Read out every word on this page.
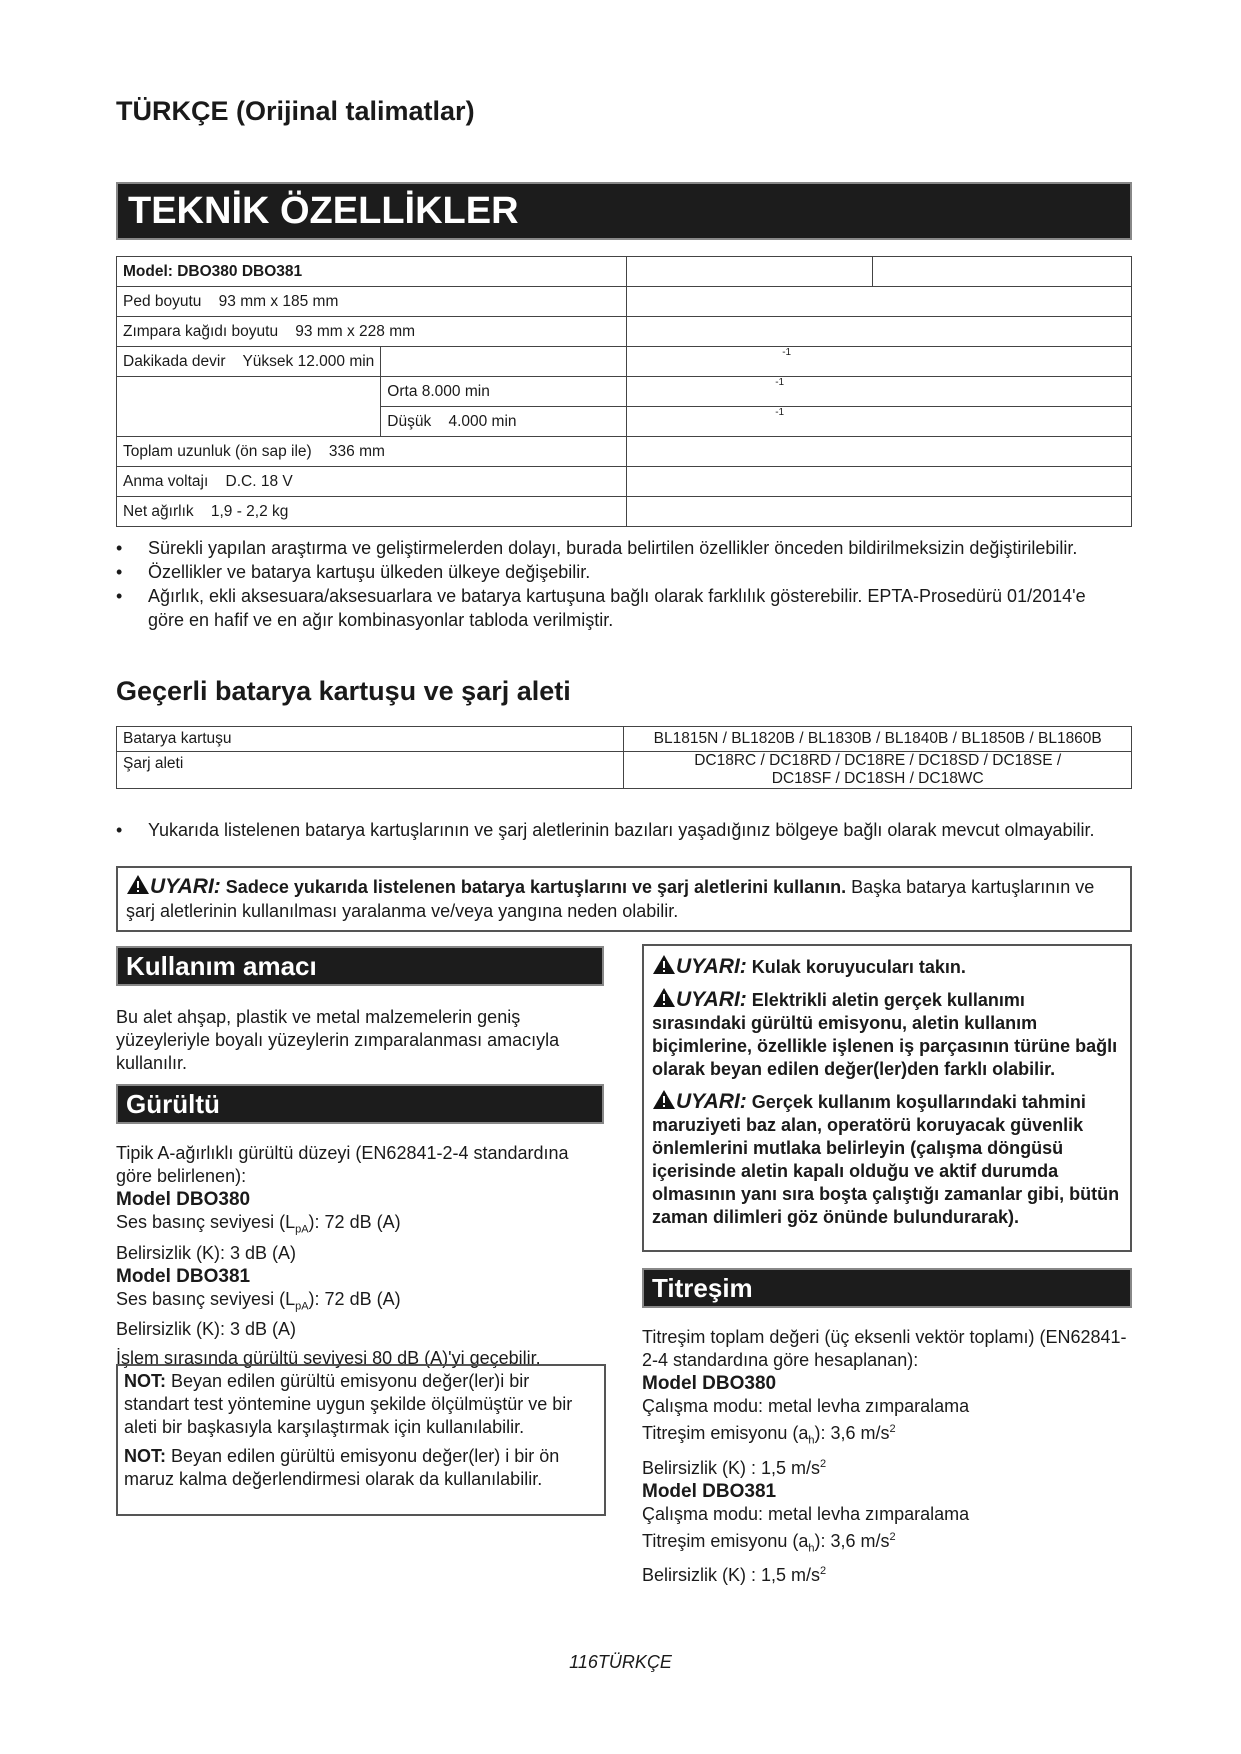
TÜRKÇE (Orijinal talimatlar)
TEKNİK ÖZELLİKLER
Model: DBO380 DBO381			
Ped boyutu    93 mm x 185 mm			
Zımpara kağıdı boyutu    93 mm x 228 mm			
Dakikada devir    Yüksek 12.000 min		-1	
	Orta 8.000 min	-1	
	Düşük    4.000 min	-1	
Toplam uzunluk (ön sap ile)    336 mm			
Anma voltajı    D.C. 18 V			
Net ağırlık    1,9 - 2,2 kg			
• Sürekli yapılan araştırma ve geliştirmelerden dolayı, burada belirtilen özellikler önceden bildirilmeksizin değiştirilebilir.
• Özellikler ve batarya kartuşu ülkeden ülkeye değişebilir.
• Ağırlık, ekli aksesuara/aksesuarlara ve batarya kartuşuna bağlı olarak farklılık gösterebilir. EPTA-Prosedürü 01/2014'e göre en hafif ve en ağır kombinasyonlar tabloda verilmiştir.
Geçerli batarya kartuşu ve şarj aleti
Batarya kartuşu	BL1815N / BL1820B / BL1830B / BL1840B / BL1850B / BL1860B
Şarj aleti	DC18RC / DC18RD / DC18RE / DC18SD / DC18SE / DC18SF / DC18SH / DC18WC
• Yukarıda listelenen batarya kartuşlarının ve şarj aletlerinin bazıları yaşadığınız bölgeye bağlı olarak mevcut olmayabilir.
UYARI: Sadece yukarıda listelenen batarya kartuşlarını ve şarj aletlerini kullanın. Başka batarya kartuşlarının ve şarj aletlerinin kullanılması yaralanma ve/veya yangına neden olabilir.
Kullanım amacı
Bu alet ahşap, plastik ve metal malzemelerin geniş yüzeyleriyle boyalı yüzeylerin zımparalanması amacıyla kullanılır.
Gürültü
Tipik A-ağırlıklı gürültü düzeyi (EN62841-2-4 standardına göre belirlenen):
Model DBO380
Ses basınç seviyesi $(L_{pA})$: 72 dB (A)
Belirsizlik (K): 3 dB (A)
Model DBO381
Ses basınç seviyesi $(L_{pA})$: 72 dB (A)
Belirsizlik (K): 3 dB (A)
İşlem sırasında gürültü seviyesi 80 dB (A)'yi geçebilir.
NOT: Beyan edilen gürültü emisyonu değer(ler)i bir standart test yöntemine uygun şekilde ölçülmüştür ve bir aleti bir başkasıyla karşılaştırmak için kullanılabilir.
NOT: Beyan edilen gürültü emisyonu değer(ler) i bir ön maruz kalma değerlendirmesi olarak da kullanılabilir.
UYARI: Kulak koruyucuları takın.
UYARI: Elektrikli aletin gerçek kullanımı sırasındaki gürültü emisyonu, aletin kullanım biçimlerine, özellikle işlenen iş parçasının türüne bağlı olarak beyan edilen değer(ler)den farklı olabilir.
UYARI: Gerçek kullanım koşullarındaki tahmini maruziyeti baz alan, operatörü koruyacak güvenlik önlemlerini mutlaka belirleyin (çalışma döngüsü içerisinde aletin kapalı olduğu ve aktif durumda olmasının yanı sıra boşta çalıştığı zamanlar gibi, bütün zaman dilimleri göz önünde bulundurarak).
Titreşim
Titreşim toplam değeri (üç eksenli vektör toplamı) (EN62841-2-4 standardına göre hesaplanan):
Model DBO380
Çalışma modu: metal levha zımparalama
Titreşim emisyonu $(a_h)$: 3,6 $m/s^2$
Belirsizlik (K) : 1,5 $m/s^2$
Model DBO381
Çalışma modu: metal levha zımparalama
Titreşim emisyonu $(a_h)$: 3,6 $m/s^2$
Belirsizlik (K) : 1,5 $m/s^2$
116TÜRKÇE
